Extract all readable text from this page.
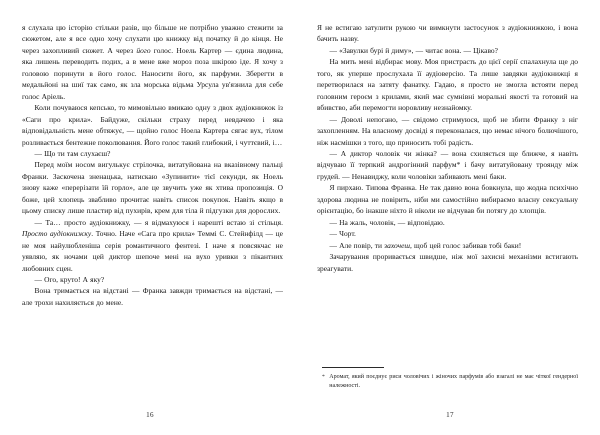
я слухала цю історію стільки разів, що більше не потрібно уважно стежити за сюжетом, але я все одно хочу слухати цю книжку від початку й до кінця. Не через захопливий сюжет. А через його голос. Ноель Картер — єдина людина, яка лишень переводить подих, а в мене вже мороз поза шкірою іде. Я хочу з головою поринути в його голос. Наносити його, як парфуми. Зберегти в медальйоні на шиї так само, як зла морська відьма Урсула ув'язнила для себе голос Аріель.

Коли почуваюся кепсько, то мимовільно вмикаю одну з двох аудіокнижок із «Саги про крила». Байдуже, скільки страху перед невдачею і яка відповідальність мене обтяжує, — щойно голос Ноела Картера сягає вух, тілом розливається бентежне поколювання. Його голос такий глибокий, і чуттєвий, і…

— Що ти там слухаєш?

Перед моїм носом вигулькує стрілочка, витатуйована на вказівному пальці Франки. Заскочена зненацька, натискаю «Зупинити» тієї секунди, як Ноель знову каже «перерізати їй горло», але це звучить уже як хтива пропозиція. О боже, цей хлопець звабливо прочитає навіть список покупок. Навіть якщо в цьому списку лише пластир від пухирів, крем для тіла й підгузки для дорослих.

— Та… просто аудіокнижку, — я відмахуюся і нарешті встаю зі стільця. Просто аудіокнижку. Точно. Наче «Сага про крила» Теммі С. Стейнфілд — це не моя найулюбленіша серія романтичного фентезі. І наче я повсякчас не уявляю, як ночами цей диктор шепоче мені на вухо уривки з пікантних любовних сцен.

— Ого, круто! А яку?

Вона тримається на відстані — Франка завжди тримається на відстані, — але трохи нахиляється до мене.

16

Я не встигаю затулити рукою чи вимкнути застосунок з аудіокнижкою, і вона бачить назву.

— «Завулки бурі й диму», — читає вона. — Цікаво?

На мить мені відбирає мову. Моя пристрасть до цієї серії спалахнула ще до того, як уперше прослухала її аудіоверсію. Та лише завдяки аудіокнижці я перетворилася на затяту фанатку. Гадаю, я просто не змогла встояти перед головним героєм з крилами, який має сумнівні моральні якості та готовий на вбивство, аби перемогти норовливу незнайомку.

— Доволі непогано, — свідомо стримуюся, щоб не збити Франку з ніг захопленням. На власному досвіді я переконалася, що немає нічого болючішого, ніж насмішки з того, що приносить тобі радість.

— А диктор чоловік чи жінка? — вона схиляється ще ближче, я навіть відчуваю її терпкий андрогінний парфум* і бачу витатуйовану троянду між грудей. — Ненавиджу, коли чоловіки забивають мені баки.

Я пирхаю. Типова Франка. Не так давно вона бовкнула, що жодна психічно здорова людина не повірить, ніби ми самостійно вибираємо власну сексуальну орієнтацію, бо інакше ніхто й ніколи не відчував би потягу до хлопців.

— На жаль, чоловік, — відповідаю.

— Чорт.

— Але повір, ти захочеш, щоб цей голос забивав тобі баки!

Зачарування проривається швидше, ніж мої захисні механізми встигають зреагувати.

* Аромат, який поєднує риси чоловічих і жіночих парфумів або взагалі не має чіткої гендерної належності.
17
